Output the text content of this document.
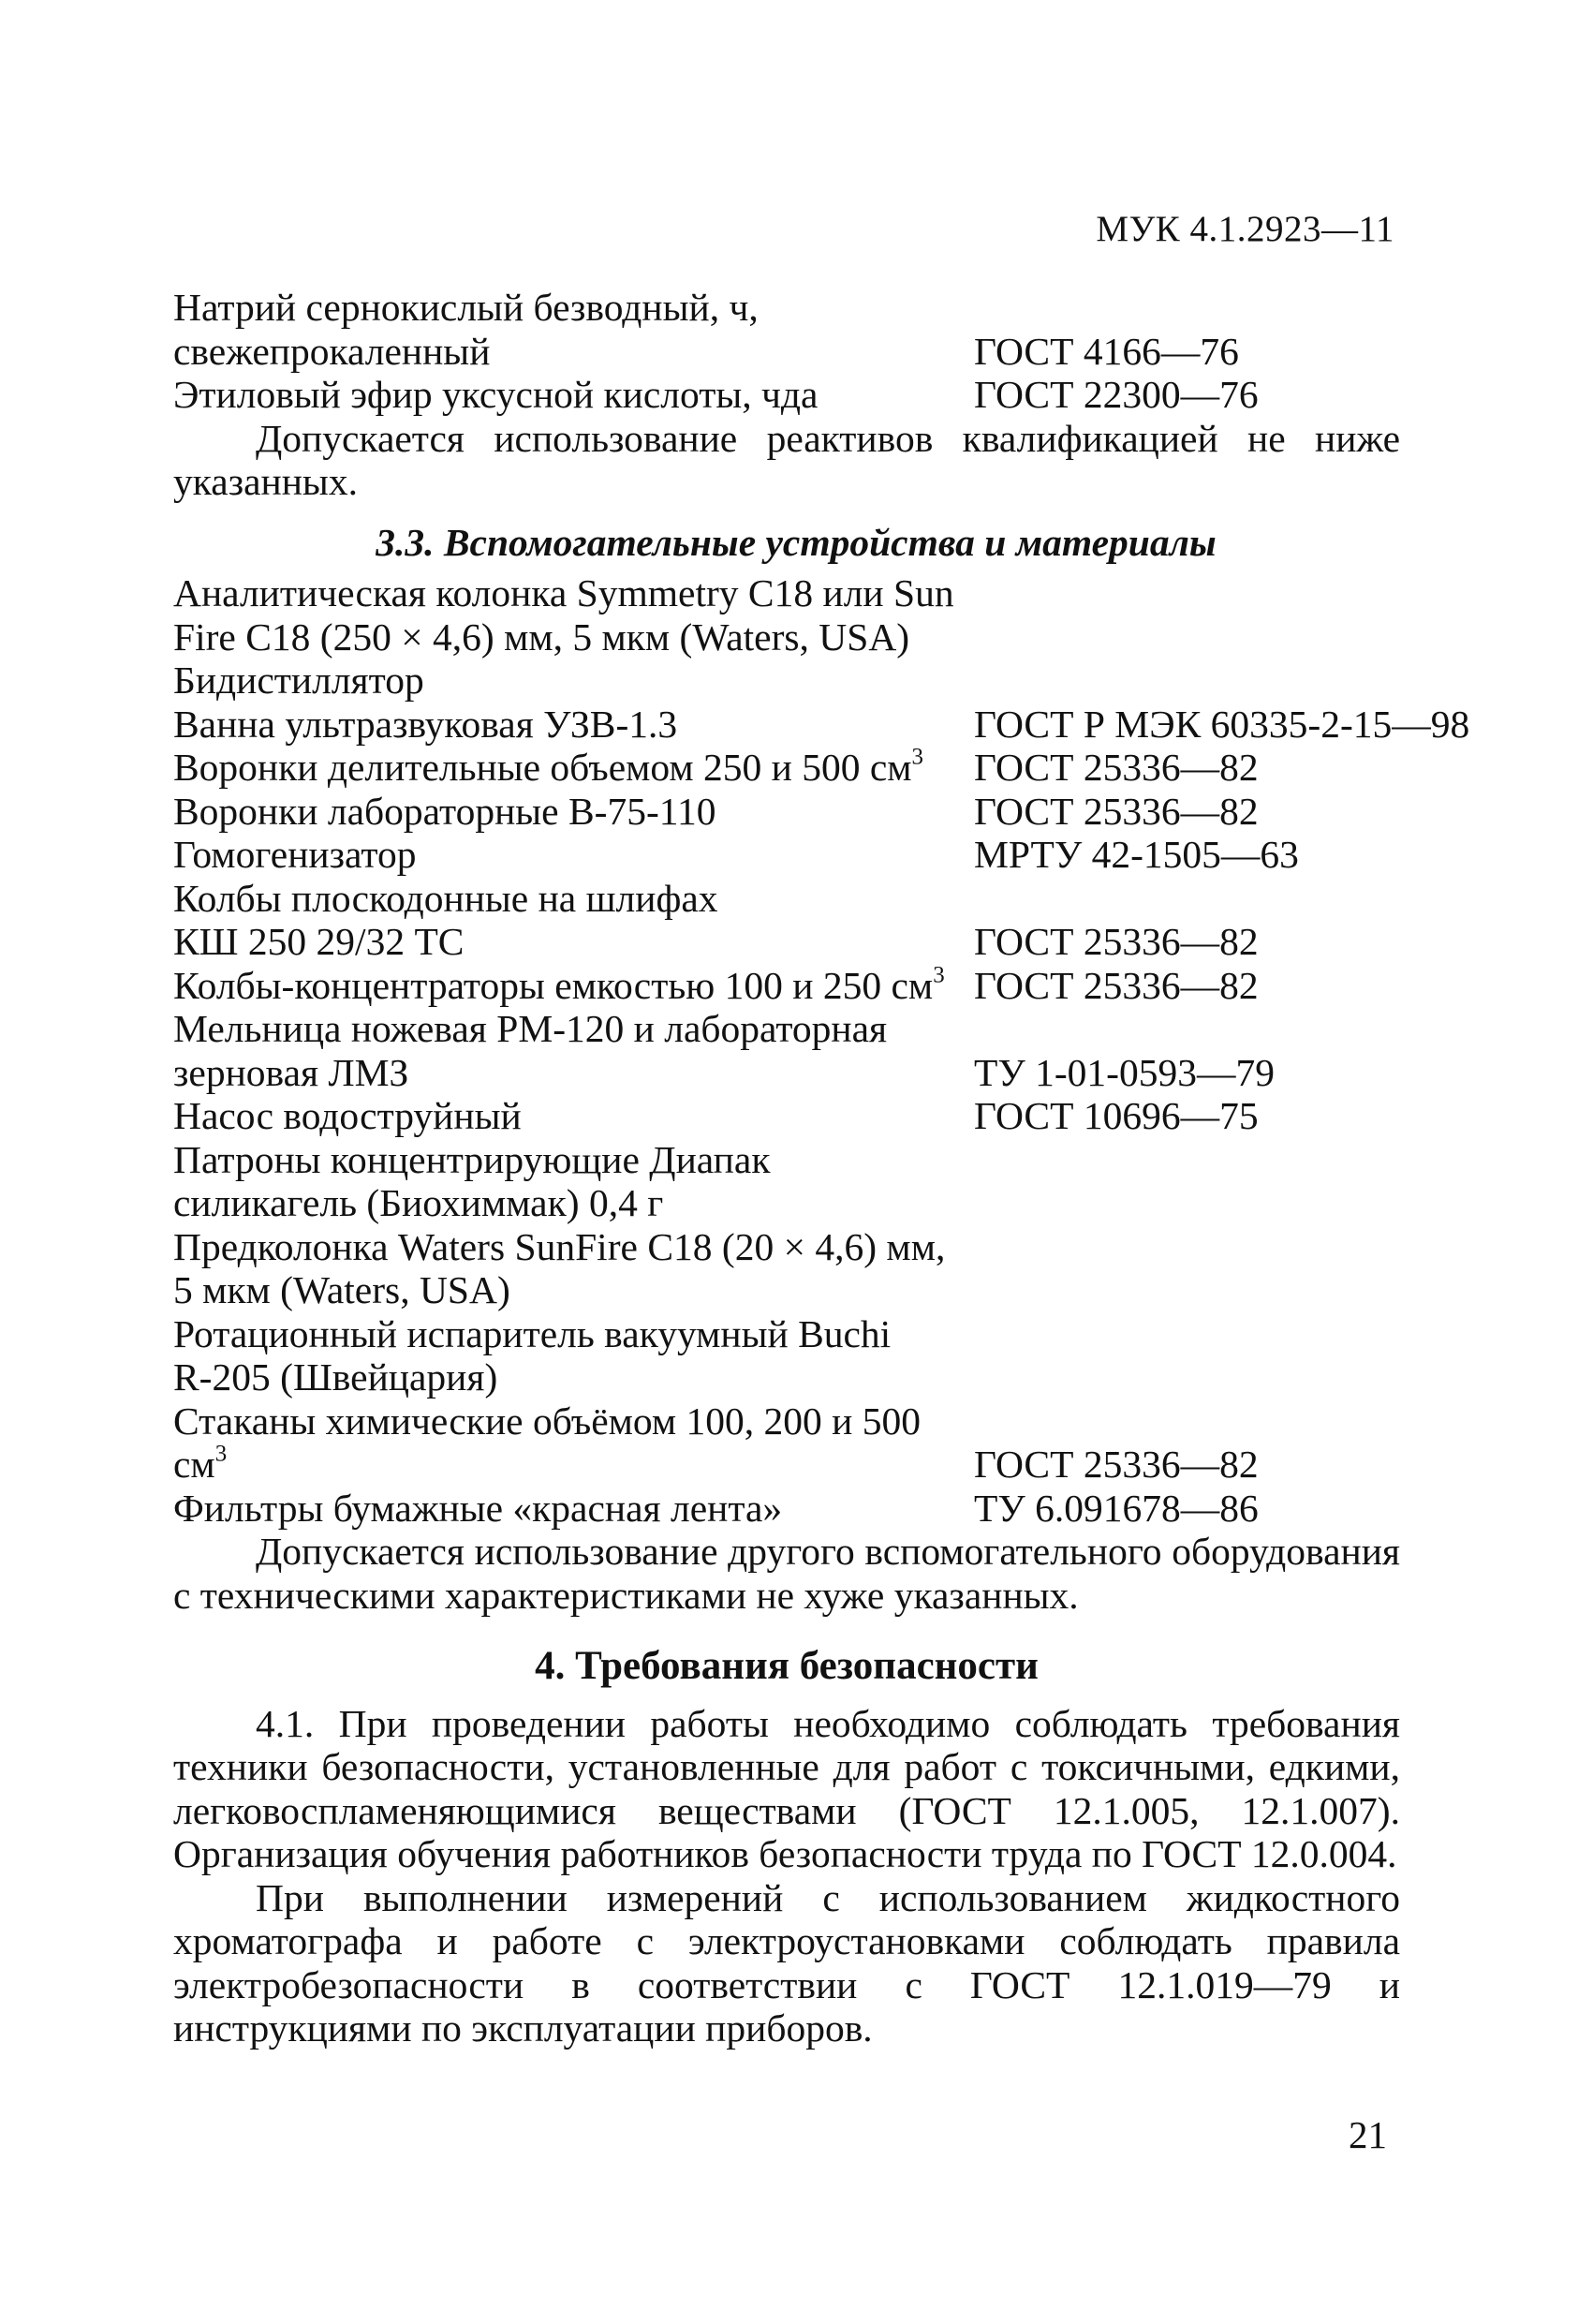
МУК 4.1.2923—11
Натрий сернокислый безводный, ч,
свежепрокаленный	ГОСТ 4166—76
Этиловый эфир уксусной кислоты, чда	ГОСТ 22300—76

Допускается использование реактивов квалификацией не ниже указанных.

3.3. Вспомогательные устройства и материалы
Аналитическая колонка Symmetry C18 или Sun
Fire C18 (250 × 4,6) мм, 5 мкм (Waters, USA)
Бидистиллятор
Ванна ультразвуковая УЗВ-1.3	ГОСТ Р МЭК 60335-2-15—98
Воронки делительные объемом 250 и 500 $см^3$	ГОСТ 25336—82
Воронки лабораторные В-75-110	ГОСТ 25336—82
Гомогенизатор	МРТУ 42-1505—63
Колбы плоскодонные на шлифах
КШ 250 29/32 ТС	ГОСТ 25336—82
Колбы-концентраторы емкостью 100 и 250 $см^3$ ГОСТ 25336—82
Мельница ножевая РМ-120 и лабораторная
зерновая ЛМЗ	ТУ 1-01-0593—79
Насос водоструйный	ГОСТ 10696—75
Патроны концентрирующие Диапак
силикагель (Биохиммак) 0,4 г
Предколонка Waters SunFire C18 (20 × 4,6) мм,
5 мкм (Waters, USA)
Ротационный испаритель вакуумный Buchi
R-205 (Швейцария)
Стаканы химические объёмом 100, 200 и 500 $см^3$	ГОСТ 25336—82
Фильтры бумажные «красная лента»	ТУ 6.091678—86

Допускается использование другого вспомогательного оборудования с техническими характеристиками не хуже указанных.

4. Требования безопасности

4.1. При проведении работы необходимо соблюдать требования техники безопасности, установленные для работ с токсичными, едкими, легковоспламеняющимися веществами (ГОСТ 12.1.005, 12.1.007). Организация обучения работников безопасности труда по ГОСТ 12.0.004.

При выполнении измерений с использованием жидкостного хроматографа и работе с электроустановками соблюдать правила электробезопасности в соответствии с ГОСТ 12.1.019—79 и инструкциями по эксплуатации приборов.

21
